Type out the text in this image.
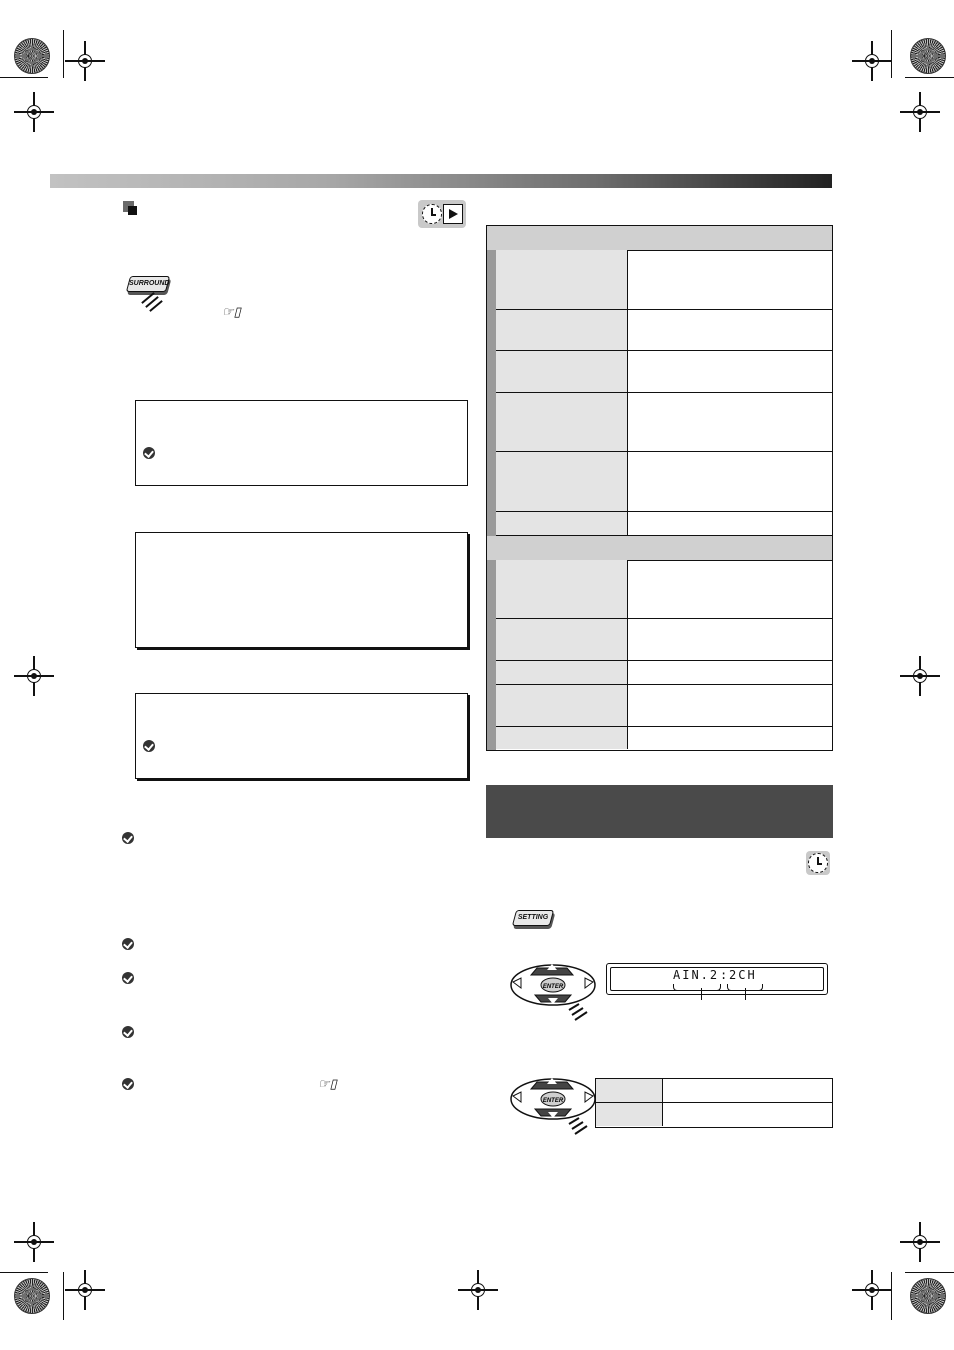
SURROUND
☞▯
☞▯
SETTING
ENTER
AIN.2 : 2CH
ENTER
